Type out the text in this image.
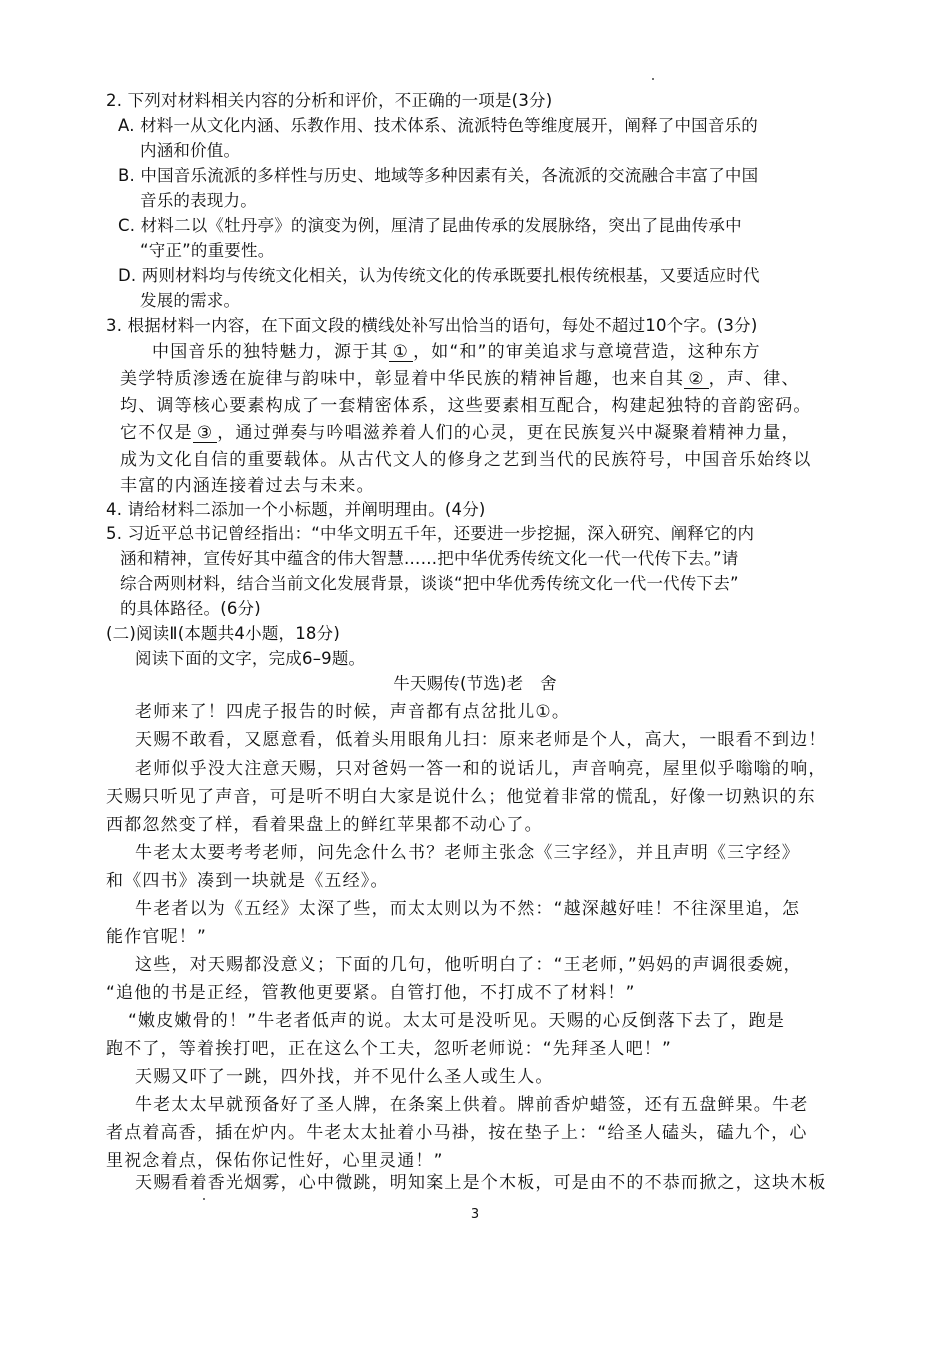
2. 下列对材料相关内容的分析和评价，不正确的一项是(3分)
A. 材料一从文化内涵、乐教作用、技术体系、流派特色等维度展开，阐释了中国音乐的
内涵和价值。
B. 中国音乐流派的多样性与历史、地域等多种因素有关，各流派的交流融合丰富了中国
音乐的表现力。
C. 材料二以《牡丹亭》的演变为例，厘清了昆曲传承的发展脉络，突出了昆曲传承中
“守正”的重要性。
D. 两则材料均与传统文化相关，认为传统文化的传承既要扎根传统根基，又要适应时代
发展的需求。
3. 根据材料一内容，在下面文段的横线处补写出恰当的语句，每处不超过10个字。(3分)
中国音乐的独特魅力，源于其 ① ，如“和”的审美追求与意境营造，这种东方
美学特质渗透在旋律与韵味中，彰显着中华民族的精神旨趣，也来自其 ② ，声、律、
均、调等核心要素构成了一套精密体系，这些要素相互配合，构建起独特的音韵密码。
它不仅是 ③ ，通过弹奏与吟唱滋养着人们的心灵，更在民族复兴中凝聚着精神力量，
成为文化自信的重要载体。从古代文人的修身之艺到当代的民族符号，中国音乐始终以
丰富的内涵连接着过去与未来。
4. 请给材料二添加一个小标题，并阐明理由。(4分)
5. 习近平总书记曾经指出：“中华文明五千年，还要进一步挖掘，深入研究、阐释它的内
涵和精神，宣传好其中蕴含的伟大智慧……把中华优秀传统文化一代一代传下去。”请
综合两则材料，结合当前文化发展背景，谈谈“把中华优秀传统文化一代一代传下去”
的具体路径。(6分)
(二)阅读Ⅱ(本题共4小题，18分)
阅读下面的文字，完成6–9题。
牛天赐传(节选)老　舍
老师来了！四虎子报告的时候，声音都有点岔批儿①。
天赐不敢看，又愿意看，低着头用眼角儿扫：原来老师是个人，高大，一眼看不到边！
老师似乎没大注意天赐，只对爸妈一答一和的说话儿，声音响亮，屋里似乎嗡嗡的响，
天赐只听见了声音，可是听不明白大家是说什么；他觉着非常的慌乱，好像一切熟识的东
西都忽然变了样，看着果盘上的鲜红苹果都不动心了。
牛老太太要考考老师，问先念什么书？老师主张念《三字经》，并且声明《三字经》
和《四书》凑到一块就是《五经》。
牛老者以为《五经》太深了些，而太太则以为不然：“越深越好哇！不往深里追，怎
能作官呢！”
这些，对天赐都没意义；下面的几句，他听明白了：“王老师，”妈妈的声调很委婉，
“追他的书是正经，管教他更要紧。自管打他，不打成不了材料！”
“嫩皮嫩骨的！”牛老者低声的说。太太可是没听见。天赐的心反倒落下去了，跑是
跑不了，等着挨打吧，正在这么个工夫，忽听老师说：“先拜圣人吧！”
天赐又吓了一跳，四外找，并不见什么圣人或生人。
牛老太太早就预备好了圣人牌，在条案上供着。牌前香炉蜡签，还有五盘鲜果。牛老
者点着高香，插在炉内。牛老太太扯着小马褂，按在垫子上：“给圣人磕头，磕九个，心
里祝念着点，保佑你记性好，心里灵通！”
天赐看着香光烟雾，心中微跳，明知案上是个木板，可是由不的不恭而掀之，这块木板
3
